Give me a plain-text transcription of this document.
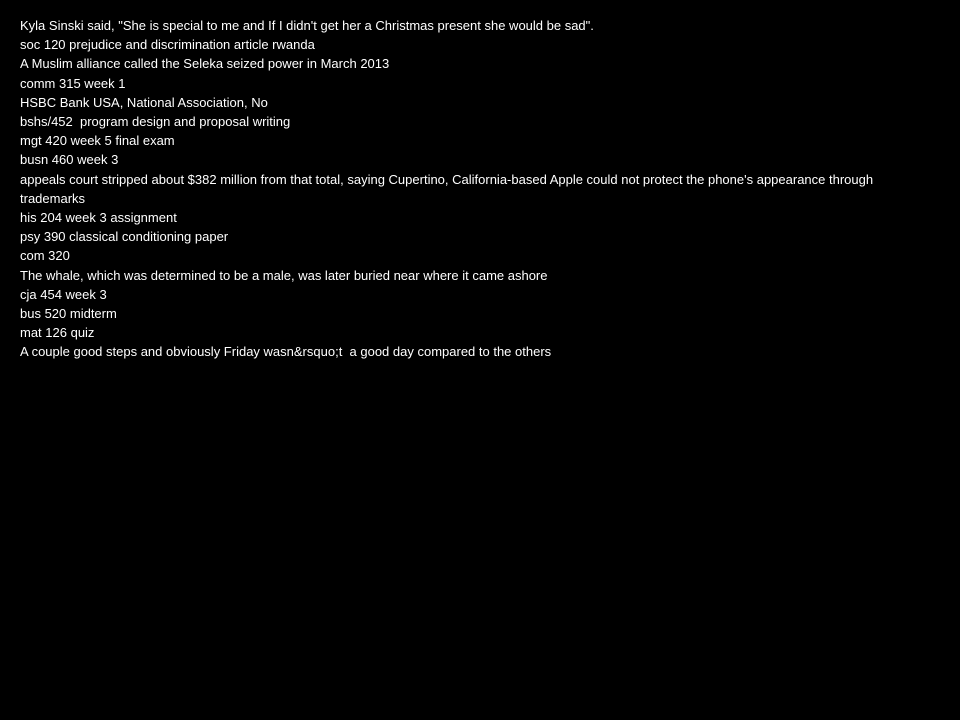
Kyla Sinski said, "She is special to me and If I didn't get her a Christmas present she would be sad".
soc 120 prejudice and discrimination article rwanda
A Muslim alliance called the Seleka seized power in March 2013
comm 315 week 1
HSBC Bank USA, National Association, No
bshs/452  program design and proposal writing
mgt 420 week 5 final exam
busn 460 week 3
appeals court stripped about $382 million from that total, saying Cupertino, California-based Apple could not protect the phone's appearance through trademarks
his 204 week 3 assignment
psy 390 classical conditioning paper
com 320
The whale, which was determined to be a male, was later buried near where it came ashore
cja 454 week 3
bus 520 midterm
mat 126 quiz
A couple good steps and obviously Friday wasn&rsquo;t  a good day compared to the others
